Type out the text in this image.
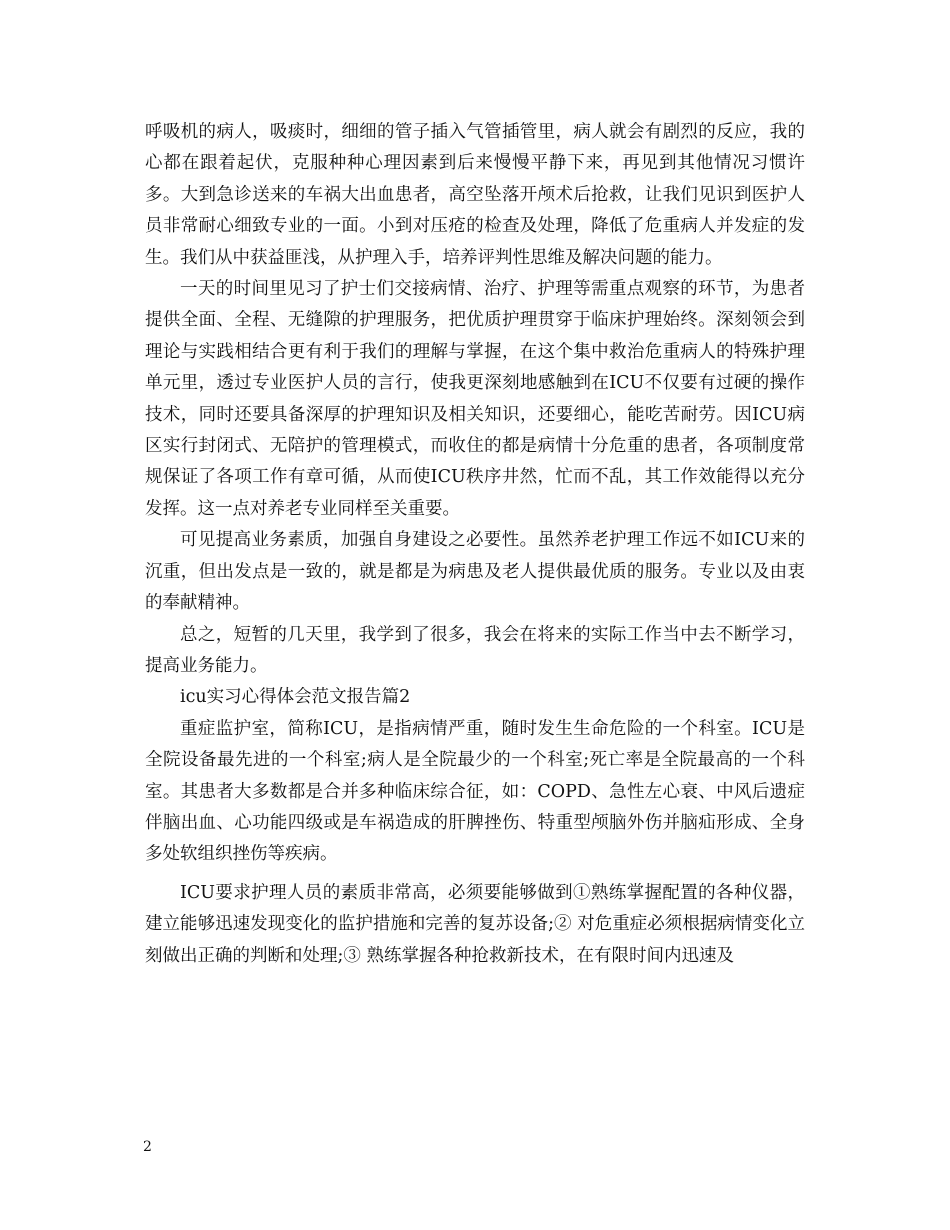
呼吸机的病人，吸痰时，细细的管子插入气管插管里，病人就会有剧烈的反应，我的心都在跟着起伏，克服种种心理因素到后来慢慢平静下来，再见到其他情况习惯许多。大到急诊送来的车祸大出血患者，高空坠落开颅术后抢救，让我们见识到医护人员非常耐心细致专业的一面。小到对压疮的检查及处理，降低了危重病人并发症的发生。我们从中获益匪浅，从护理入手，培养评判性思维及解决问题的能力。

一天的时间里见习了护士们交接病情、治疗、护理等需重点观察的环节，为患者提供全面、全程、无缝隙的护理服务，把优质护理贯穿于临床护理始终。深刻领会到理论与实践相结合更有利于我们的理解与掌握，在这个集中救治危重病人的特殊护理单元里，透过专业医护人员的言行，使我更深刻地感触到在ICU不仅要有过硬的操作技术，同时还要具备深厚的护理知识及相关知识，还要细心，能吃苦耐劳。因ICU病区实行封闭式、无陪护的管理模式，而收住的都是病情十分危重的患者，各项制度常规保证了各项工作有章可循，从而使ICU秩序井然，忙而不乱，其工作效能得以充分发挥。这一点对养老专业同样至关重要。

可见提高业务素质，加强自身建设之必要性。虽然养老护理工作远不如ICU来的沉重，但出发点是一致的，就是都是为病患及老人提供最优质的服务。专业以及由衷的奉献精神。

总之，短暂的几天里，我学到了很多，我会在将来的实际工作当中去不断学习，提高业务能力。

icu实习心得体会范文报告篇2

重症监护室，简称ICU，是指病情严重，随时发生生命危险的一个科室。ICU是全院设备最先进的一个科室;病人是全院最少的一个科室;死亡率是全院最高的一个科室。其患者大多数都是合并多种临床综合征，如：COPD、急性左心衰、中风后遗症伴脑出血、心功能四级或是车祸造成的肝脾挫伤、特重型颅脑外伤并脑疝形成、全身多处软组织挫伤等疾病。

ICU要求护理人员的素质非常高，必须要能够做到①熟练掌握配置的各种仪器，建立能够迅速发现变化的监护措施和完善的复苏设备;② 对危重症必须根据病情变化立刻做出正确的判断和处理;③ 熟练掌握各种抢救新技术，在有限时间内迅速及

2
